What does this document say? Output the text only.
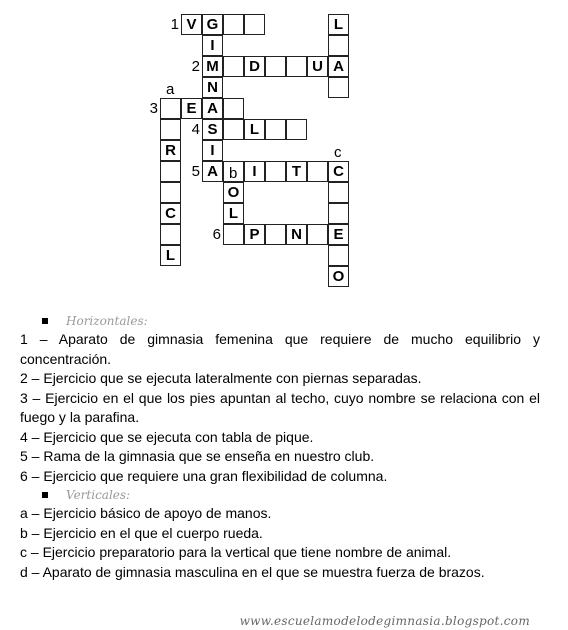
V G	L
I
M	D	U A
N
E A
S	L
R	I
A	I	T	C
O
C	L
P	N	E
L
O
1
2
3
4
5
6
a
b
c
Horizontales:
1 – Aparato de gimnasia femenina que requiere de mucho equilibrio y concentración.
2 – Ejercicio que se ejecuta lateralmente con piernas separadas.
3 – Ejercicio en el que los pies apuntan al techo, cuyo nombre se relaciona con el fuego y la parafina.
4 – Ejercicio que se ejecuta con tabla de pique.
5 – Rama de la gimnasia que se enseña en nuestro club.
6 – Ejercicio que requiere una gran flexibilidad de columna.
Verticales:
a – Ejercicio básico de apoyo de manos.
b – Ejercicio en el que el cuerpo rueda.
c – Ejercicio preparatorio para la vertical que tiene nombre de animal.
d – Aparato de gimnasia masculina en el que se muestra fuerza de brazos.
www.escuelamodelodegimnasia.blogspot.com
